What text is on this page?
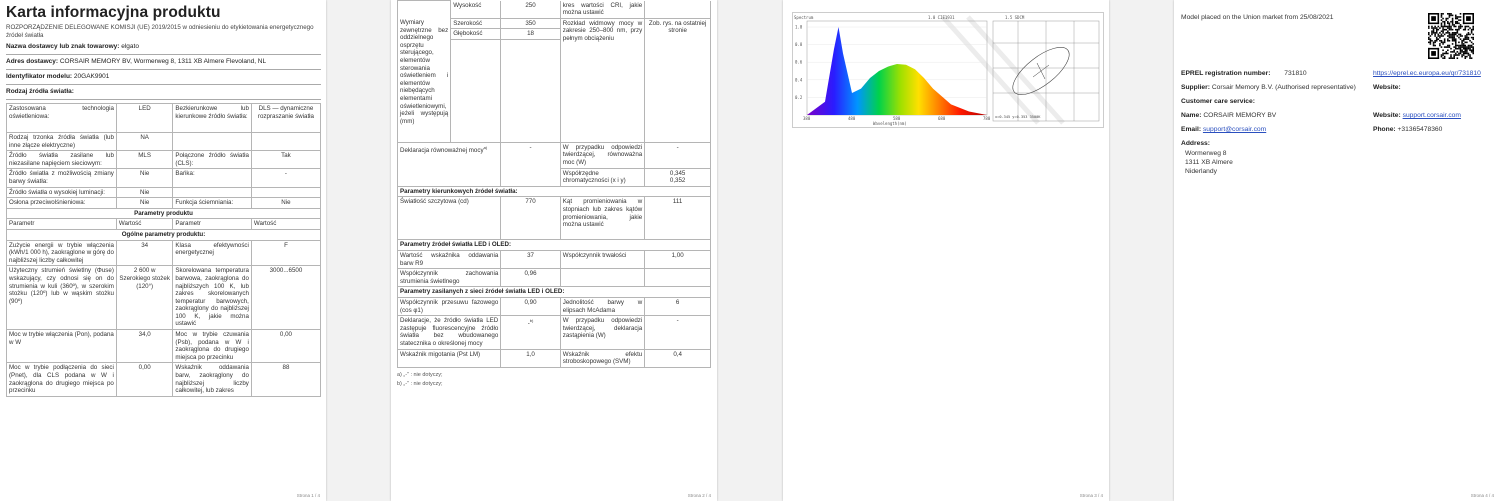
Karta informacyjna produktu
ROZPORZĄDZENIE DELEGOWANE KOMISJI (UE) 2019/2015 w odniesieniu do etykietowania energetycznego źródeł światła
Nazwa dostawcy lub znak towarowy: elgato
Adres dostawcy: CORSAIR MEMORY BV, Wormerweg 8, 1311 XB Almere Flevoland, NL
Identyfikator modelu: 20GAK9901
Rodzaj źródła światła:
Zastosowana technologia oświetleniowa:	LED	Bezkierunkowe lub kierunkowe źródło światła:	DLS — dynamiczne rozpraszanie światła
Rodzaj trzonka źródła światła (lub inne złącze elektryczne)	NA		
Źródło światła zasilane lub niezasilane napięciem sieciowym:	MLS	Połączone źródło światła (CLS):	Tak
Źródło światła z możliwością zmiany barwy światła:	Nie	Bańka:	-
Źródło światła o wysokiej luminacji:	Nie		
Osłona przeciwolśnieniowa:	Nie	Funkcja ściemniania:	Nie
Parametry produktu			
Parametr	Wartość	Parametr	Wartość
Ogólne parametry produktu:			
Zużycie energii w trybie włączenia (kWh/1 000 h), zaokrąglone w górę do najbliższej liczby całkowitej	34	Klasa efektywności energetycznej	F
Użyteczny strumień świetlny (Φuse) wskazujący, czy odnosi się on do strumienia w kuli (360º), w szerokim stożku (120º) lub w wąskim stożku (90º)	2 600 w Szerokiego stożek (120°)	Skorelowana temperatura barwowa, zaokrąglona do najbliższych 100 K, lub zakres skorelowanych temperatur barwowych, zaokrąglony do najbliższej 100 K, jakie można ustawić	3000...6500
Moc w trybie włączenia (Pon), podana w W	34,0	Moc w trybie czuwania (Psb), podana w W i zaokrąglona do drugiego miejsca po przecinku	0,00
Moc w trybie podłączenia do sieci (Pnet), dla CLS podana w W i zaokrąglona do drugiego miejsca po przecinku	0,00	Wskaźnik oddawania barw, zaokrąglony do najbliższej liczby całkowitej, lub zakres	88
Strona 1 / 4
Wymiary zewnętrzne bez oddzielnego osprzętu sterującego, elementów sterowania oświetleniem i elementów niebędących elementami oświetleniowymi, jeżeli występują (mm)	Wysokość	250	kres wartości CRI, jakie można ustawić	
	Szerokość	350	Rozkład widmowy mocy w zakresie 250–800 nm, przy pełnym obciążeniu	Zob. rys. na ostatniej stronie
	Głębokość	18		

Deklaracja równoważnej mocy$^{a)}$		-	W przypadku odpowiedzi twierdzącej, równoważna moc (W)	-
			Współrzędne chromatyczności (x i y)	0,345
0,352

Parametry kierunkowych źródeł światła:				
Światłość szczytowa (cd)		770	Kąt promieniowania w stopniach lub zakres kątów promieniowania, jakie można ustawić	111
Parametry źródeł światła LED i OLED:				
Wartość wskaźnika oddawania barw R9		37	Współczynnik trwałości	1,00
Współczynnik zachowania strumienia świetlnego		0,96		
Parametry zasilanych z sieci źródeł światła LED i OLED:				
Współczynnik przesuwu fazowego (cos φ1)		0,90	Jednolitość barwy w elipsach McAdama	6
Deklaracje, że źródło światła LED zastępuje fluorescencyjne źródło światła bez wbudowanego statecznika o określonej mocy		-$^{b)}$	W przypadku odpowiedzi twierdzącej, deklaracja zastąpienia (W)	-
Wskaźnik migotania (Pst LM)		1,0	Wskaźnik efektu stroboskopowego (SVM)	0,4
a) „-” : nie dotyczy;
b) „-” : nie dotyczy;
Strona 2 / 4
Spectrum	1.0 CIE1931
1.0
0.8
0.6
0.4
0.2
380	480	580	680	780
Wavelength(nm)
1.5 SDCM
x=0.345 y=0.353 3500K
Strona 3 / 4
Model placed on the Union market from 25/08/2021
EPREL registration number: 731810	https://eprel.ec.europa.eu/qr/731810
Supplier: Corsair Memory B.V. (Authorised representative)	Website:
Customer care service:
Name: CORSAIR MEMORY BV	Website: support.corsair.com
Email: support@corsair.com	Phone: +31365478360
Address:
Wormerweg 8
1311 XB Almere
Niderlandy
Strona 4 / 4
